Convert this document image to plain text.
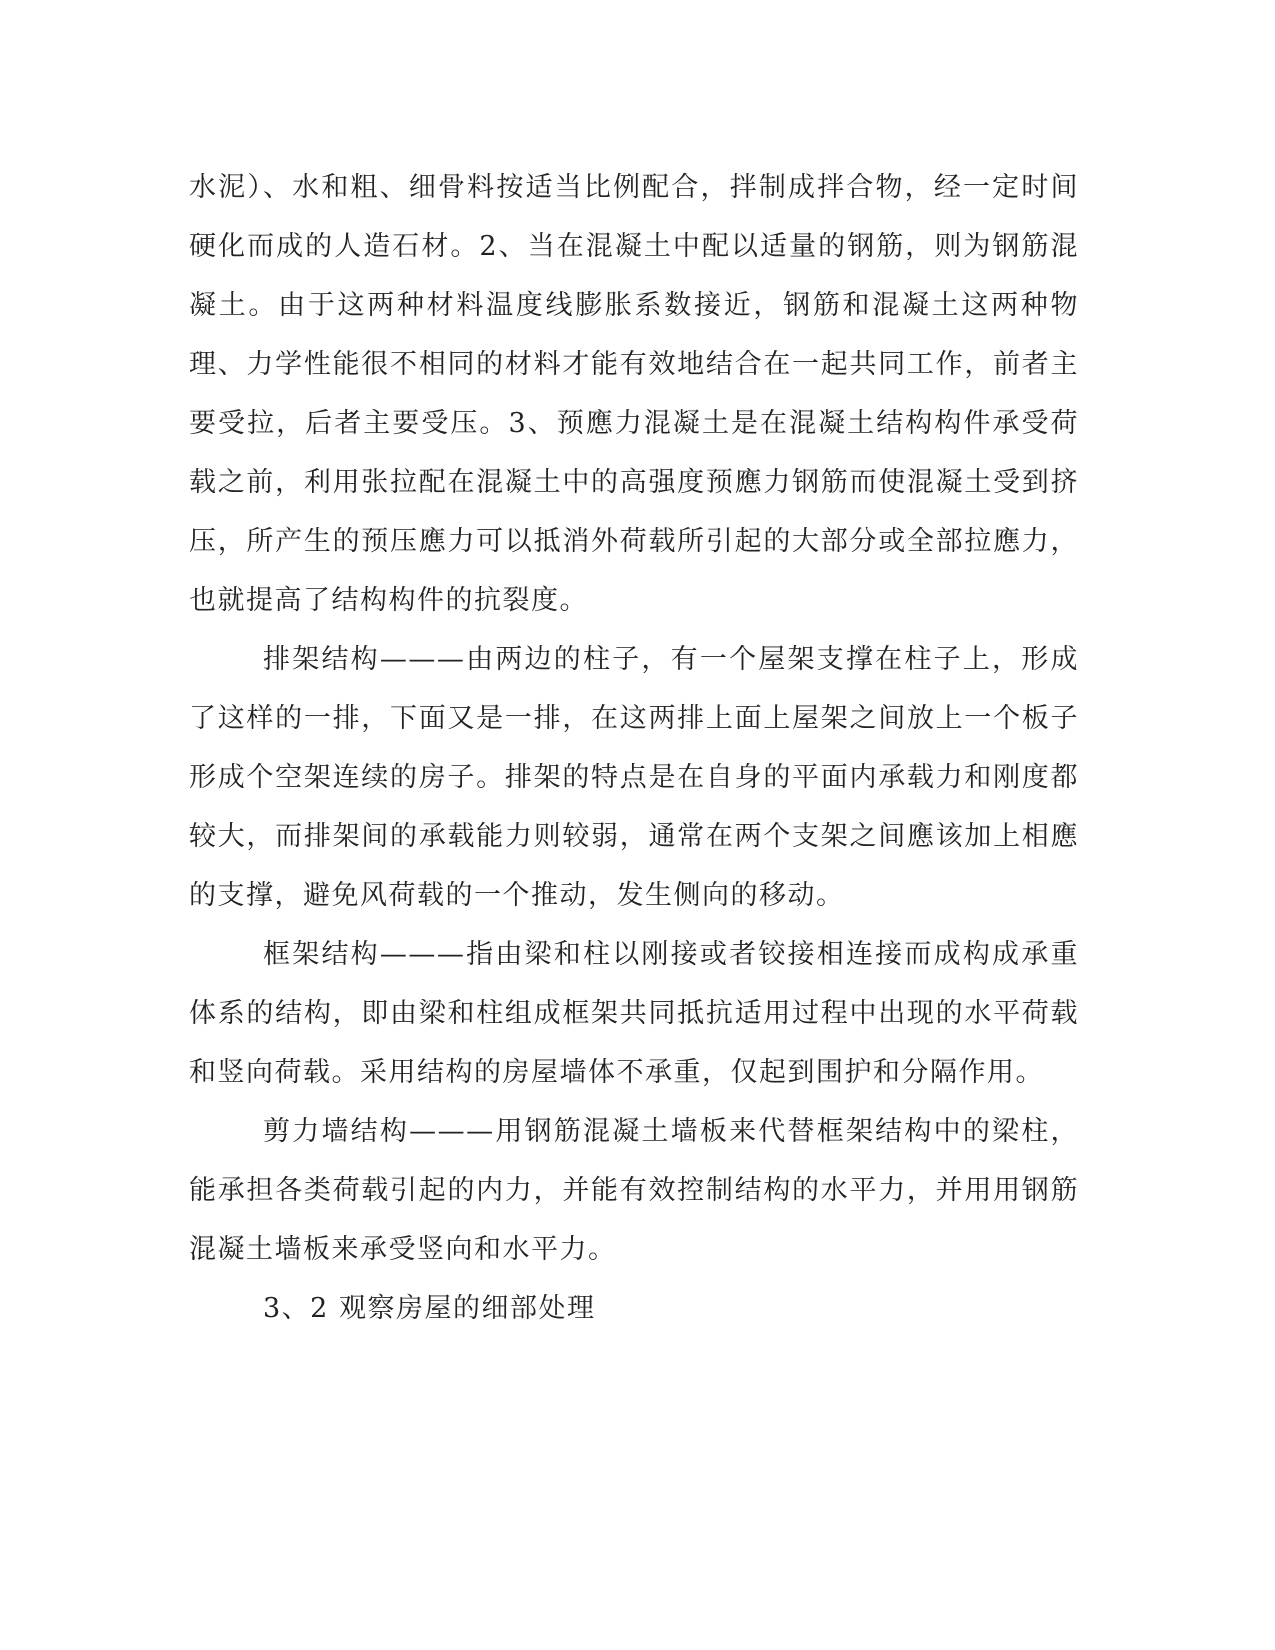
水泥）、水和粗、细骨料按适当比例配合，拌制成拌合物，经一定时间硬化而成的人造石材。2、当在混凝土中配以适量的钢筋，则为钢筋混凝土。由于这两种材料温度线膨胀系数接近，钢筋和混凝土这两种物理、力学性能很不相同的材料才能有效地结合在一起共同工作，前者主要受拉，后者主要受压。3、预應力混凝土是在混凝土结构构件承受荷载之前，利用张拉配在混凝土中的高强度预應力钢筋而使混凝土受到挤压，所产生的预压應力可以抵消外荷载所引起的大部分或全部拉應力，也就提高了结构构件的抗裂度。

排架结构———由两边的柱子，有一个屋架支撑在柱子上，形成了这样的一排，下面又是一排，在这两排上面上屋架之间放上一个板子形成个空架连续的房子。排架的特点是在自身的平面内承载力和刚度都较大，而排架间的承载能力则较弱，通常在两个支架之间應该加上相應的支撑，避免风荷载的一个推动，发生侧向的移动。

框架结构———指由梁和柱以刚接或者铰接相连接而成构成承重体系的结构，即由梁和柱组成框架共同抵抗适用过程中出现的水平荷载和竖向荷载。采用结构的房屋墙体不承重，仅起到围护和分隔作用。

剪力墙结构———用钢筋混凝土墙板来代替框架结构中的梁柱，能承担各类荷载引起的内力，并能有效控制结构的水平力，并用用钢筋混凝土墙板来承受竖向和水平力。

3、2 观察房屋的细部处理
